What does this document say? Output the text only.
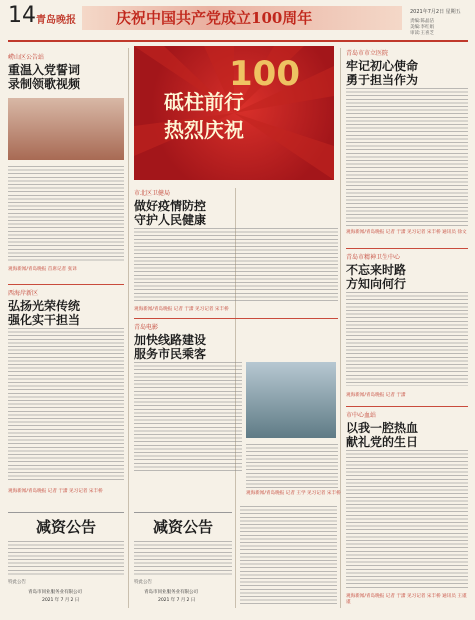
14 青岛晚报	庆祝中国共产党成立100周年	2021年7月2日 星期五
责编:陈晶洁
美编:李红娟
审读:王喜芝
砥柱前行
热烈庆祝
100
崂山区公告站
重温入党誓词
录制领歌视频
观海新闻/青岛晚报 首席记者 张译
西海岸新区
弘扬光荣传统
强化实干担当
观海新闻/青岛晚报 记者 于潇 见习记者 宋丰桥
市北区卫健局
做好疫情防控
守护人民健康
观海新闻/青岛晚报 记者 于潇 见习记者 宋丰桥
青岛电影
加快线路建设
服务市民乘客
观海新闻/青岛晚报 记者 王学 见习记者 宋丰桥
青岛市市立医院
牢记初心使命
勇于担当作为
观海新闻/青岛晚报 记者 于潇 见习记者 宋丰桥 通讯员 徐文
青岛市精神卫生中心
不忘来时路
方知向何行
观海新闻/青岛晚报 记者 于潇
市中心血站
以我一腔热血
献礼党的生日
观海新闻/青岛晚报 记者 于潇 见习记者 宋丰桥 通讯员 王谨谨
减资公告
特此公告
青岛市同业服务业有限公司
2021 年 7 月 2 日
减资公告
特此公告
青岛市同业服务业有限公司
2021 年 7 月 2 日
